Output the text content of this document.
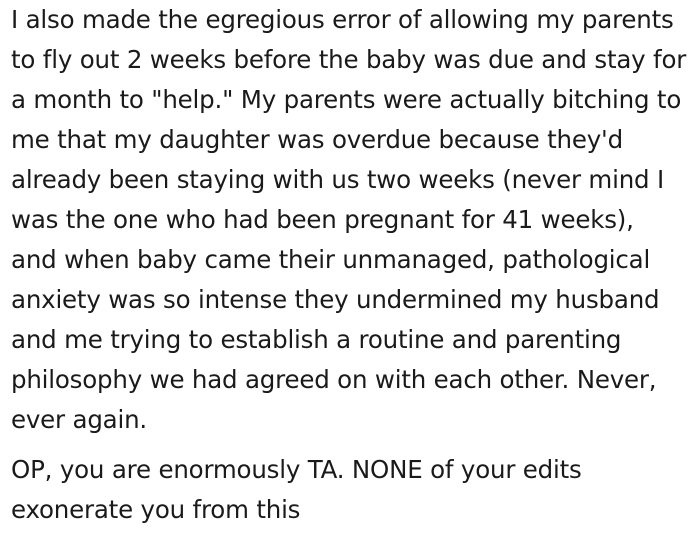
I also made the egregious error of allowing my parents
to fly out 2 weeks before the baby was due and stay for
a month to "help." My parents were actually bitching to
me that my daughter was overdue because they'd
already been staying with us two weeks (never mind I
was the one who had been pregnant for 41 weeks),
and when baby came their unmanaged, pathological
anxiety was so intense they undermined my husband
and me trying to establish a routine and parenting
philosophy we had agreed on with each other. Never,
ever again.
OP, you are enormously TA. NONE of your edits
exonerate you from this
